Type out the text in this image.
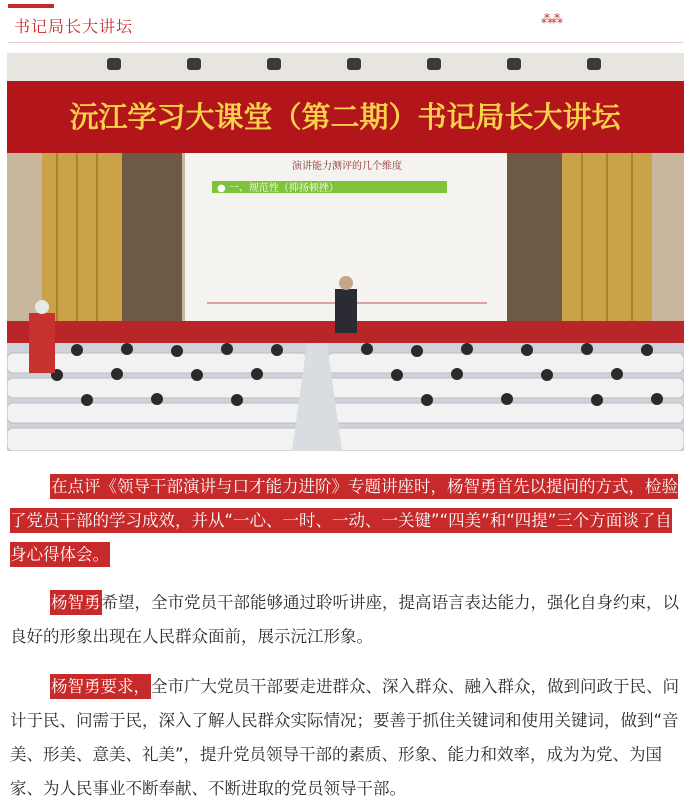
书记局长大讲坛	⁂⁂
沅江学习大课堂（第二期）书记局长大讲坛
演讲能力测评的几个维度
● 一、规范性（抑扬顿挫）
在点评《领导干部演讲与口才能力进阶》专题讲座时，杨智勇首先以提问的方式，检验了党员干部的学习成效，并从“一心、一时、一动、一关键”“四美”和“四提”三个方面谈了自身心得体会。
杨智勇希望，全市党员干部能够通过聆听讲座，提高语言表达能力，强化自身约束，以良好的形象出现在人民群众面前，展示沅江形象。
杨智勇要求，全市广大党员干部要走进群众、深入群众、融入群众，做到问政于民、问计于民、问需于民，深入了解人民群众实际情况；要善于抓住关键词和使用关键词，做到“音美、形美、意美、礼美”，提升党员领导干部的素质、形象、能力和效率，成为为党、为国家、为人民事业不断奉献、不断进取的党员领导干部。
